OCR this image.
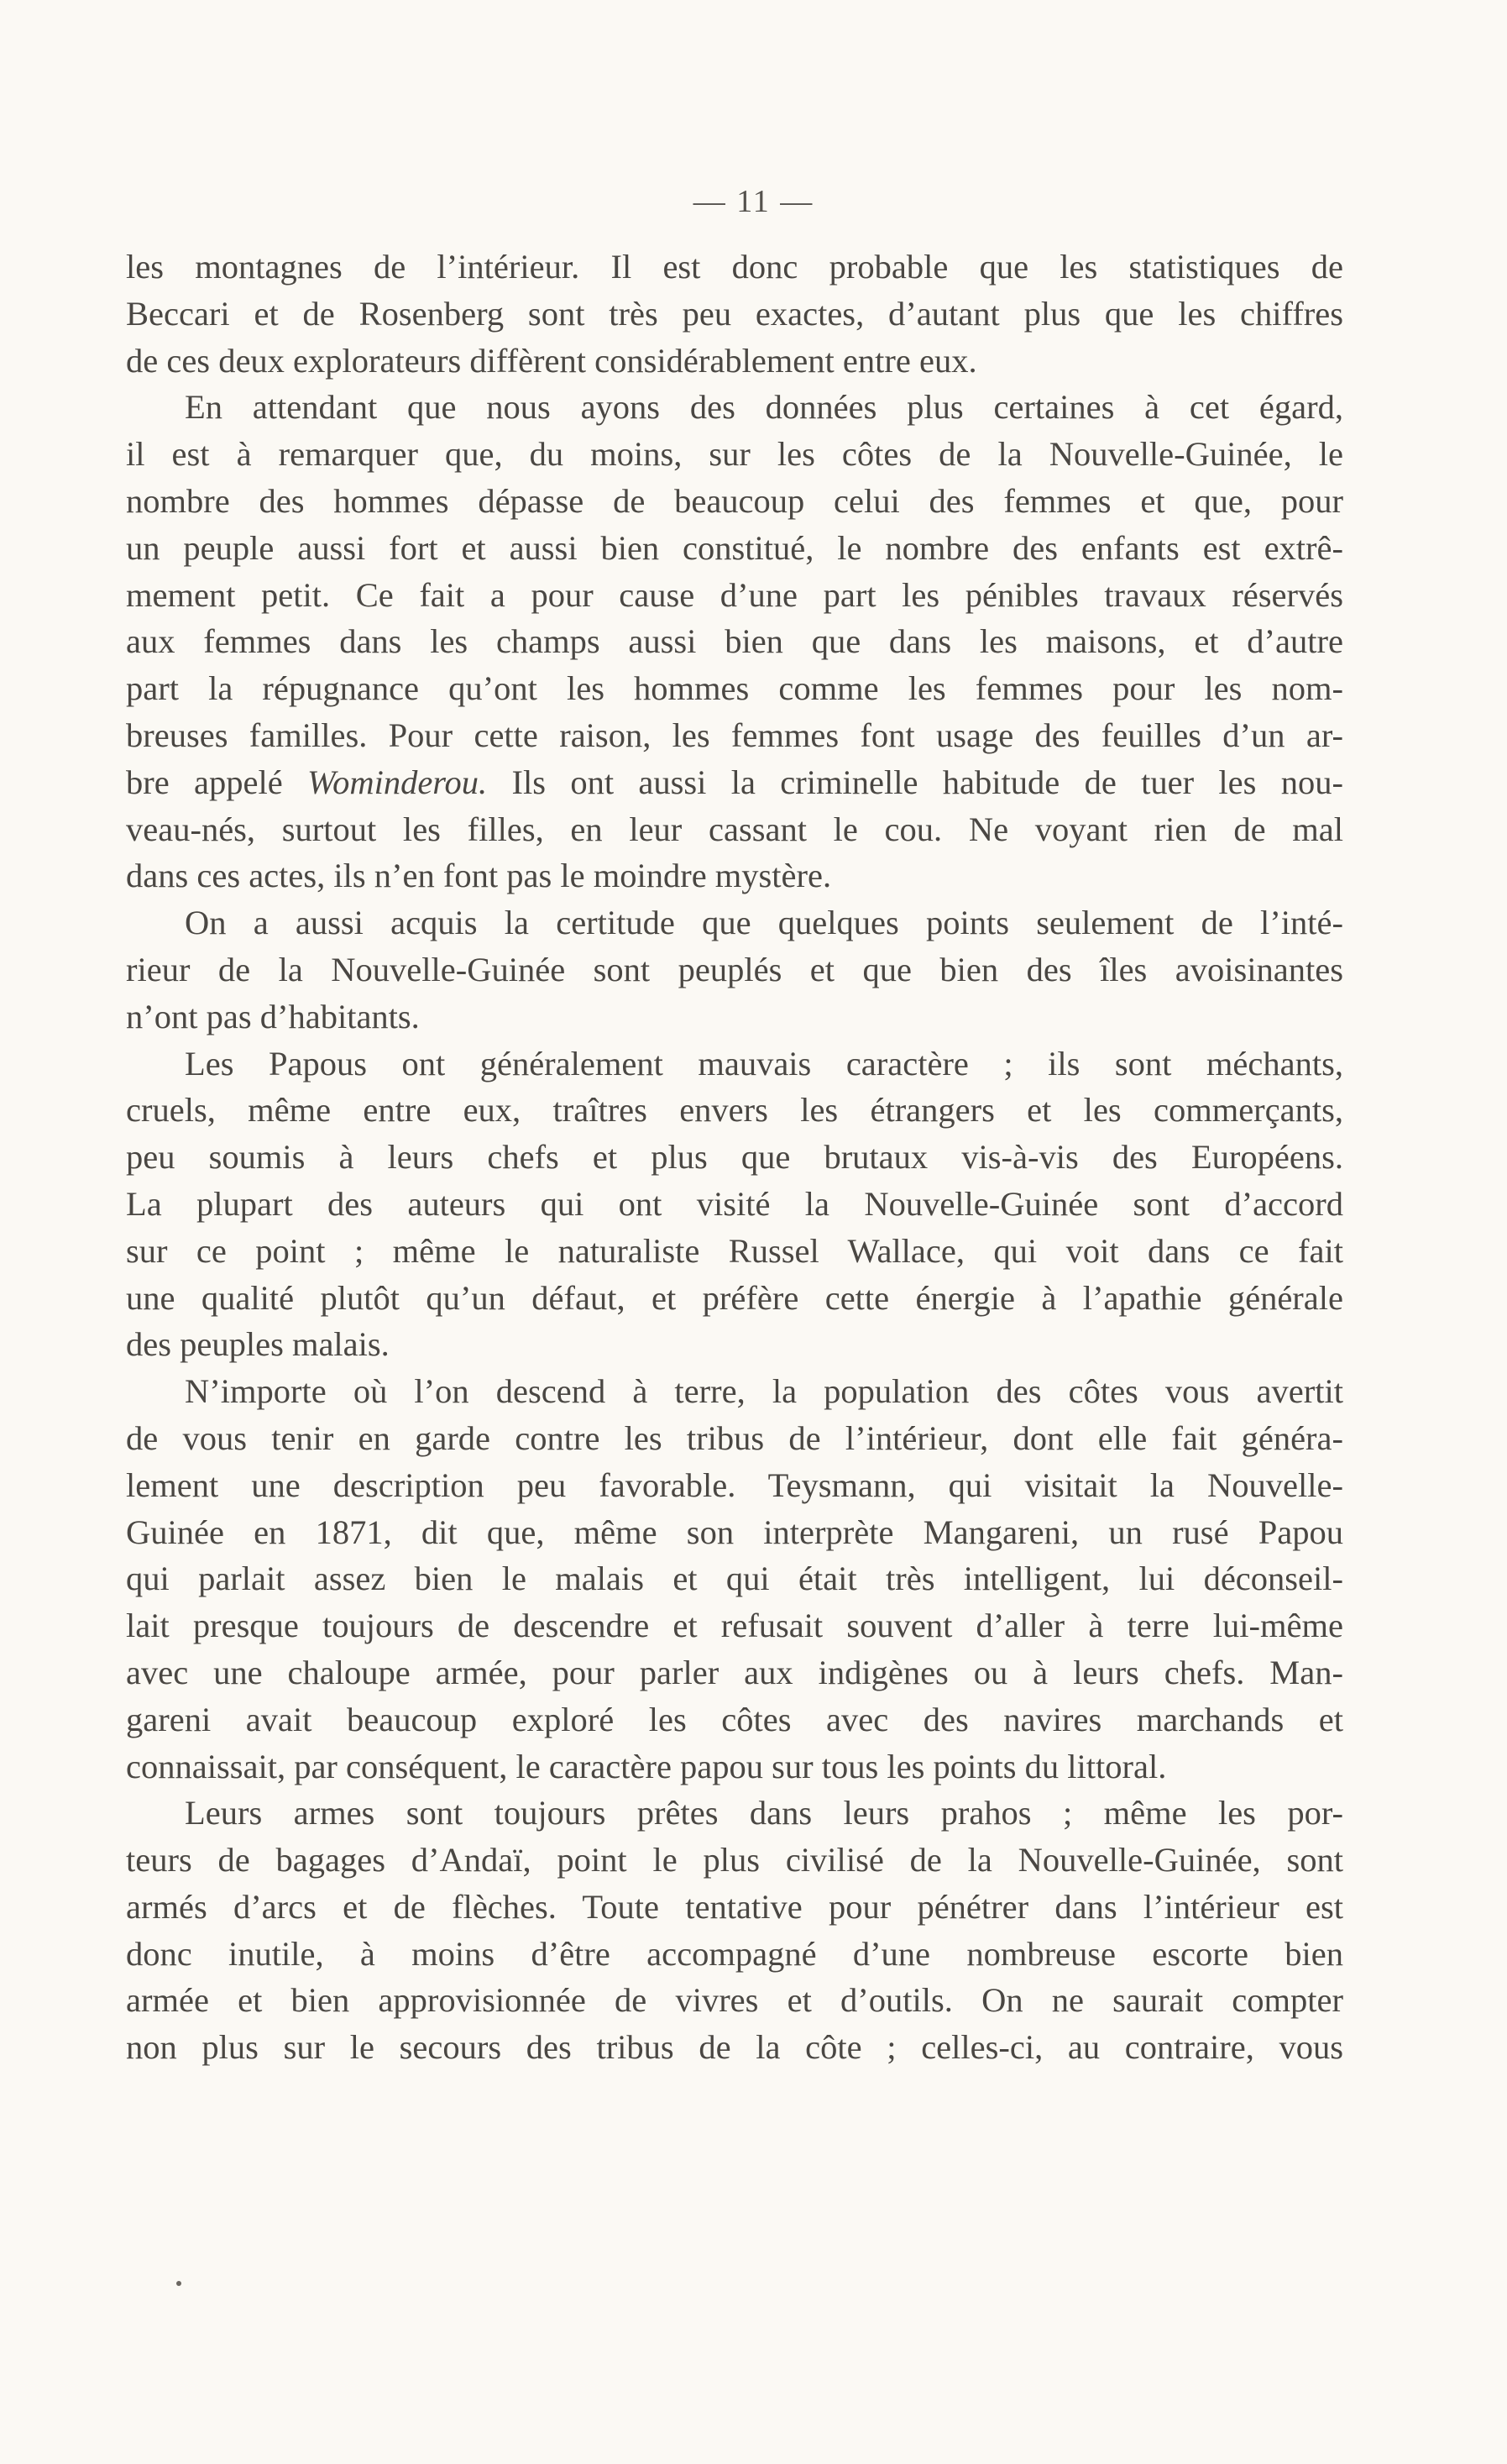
— 11 —
les montagnes de l’intérieur. Il est donc probable que les statistiques de
Beccari et de Rosenberg sont très peu exactes, d’autant plus que les chiffres
de ces deux explorateurs diffèrent considérablement entre eux.
En attendant que nous ayons des données plus certaines à cet égard,
il est à remarquer que, du moins, sur les côtes de la Nouvelle-Guinée, le
nombre des hommes dépasse de beaucoup celui des femmes et que, pour
un peuple aussi fort et aussi bien constitué, le nombre des enfants est extrê-
mement petit. Ce fait a pour cause d’une part les pénibles travaux réservés
aux femmes dans les champs aussi bien que dans les maisons, et d’autre
part la répugnance qu’ont les hommes comme les femmes pour les nom-
breuses familles. Pour cette raison, les femmes font usage des feuilles d’un ar-
bre appelé Wominderou. Ils ont aussi la criminelle habitude de tuer les nou-
veau-nés, surtout les filles, en leur cassant le cou. Ne voyant rien de mal
dans ces actes, ils n’en font pas le moindre mystère.
On a aussi acquis la certitude que quelques points seulement de l’inté-
rieur de la Nouvelle-Guinée sont peuplés et que bien des îles avoisinantes
n’ont pas d’habitants.
Les Papous ont généralement mauvais caractère ; ils sont méchants,
cruels, même entre eux, traîtres envers les étrangers et les commerçants,
peu soumis à leurs chefs et plus que brutaux vis-à-vis des Européens.
La plupart des auteurs qui ont visité la Nouvelle-Guinée sont d’accord
sur ce point ; même le naturaliste Russel Wallace, qui voit dans ce fait
une qualité plutôt qu’un défaut, et préfère cette énergie à l’apathie générale
des peuples malais.
N’importe où l’on descend à terre, la population des côtes vous avertit
de vous tenir en garde contre les tribus de l’intérieur, dont elle fait généra-
lement une description peu favorable. Teysmann, qui visitait la Nouvelle-
Guinée en 1871, dit que, même son interprète Mangareni, un rusé Papou
qui parlait assez bien le malais et qui était très intelligent, lui déconseil-
lait presque toujours de descendre et refusait souvent d’aller à terre lui-même
avec une chaloupe armée, pour parler aux indigènes ou à leurs chefs. Man-
gareni avait beaucoup exploré les côtes avec des navires marchands et
connaissait, par conséquent, le caractère papou sur tous les points du littoral.
Leurs armes sont toujours prêtes dans leurs prahos ; même les por-
teurs de bagages d’Andaï, point le plus civilisé de la Nouvelle-Guinée, sont
armés d’arcs et de flèches. Toute tentative pour pénétrer dans l’intérieur est
donc inutile, à moins d’être accompagné d’une nombreuse escorte bien
armée et bien approvisionnée de vivres et d’outils. On ne saurait compter
non plus sur le secours des tribus de la côte ; celles-ci, au contraire, vous
